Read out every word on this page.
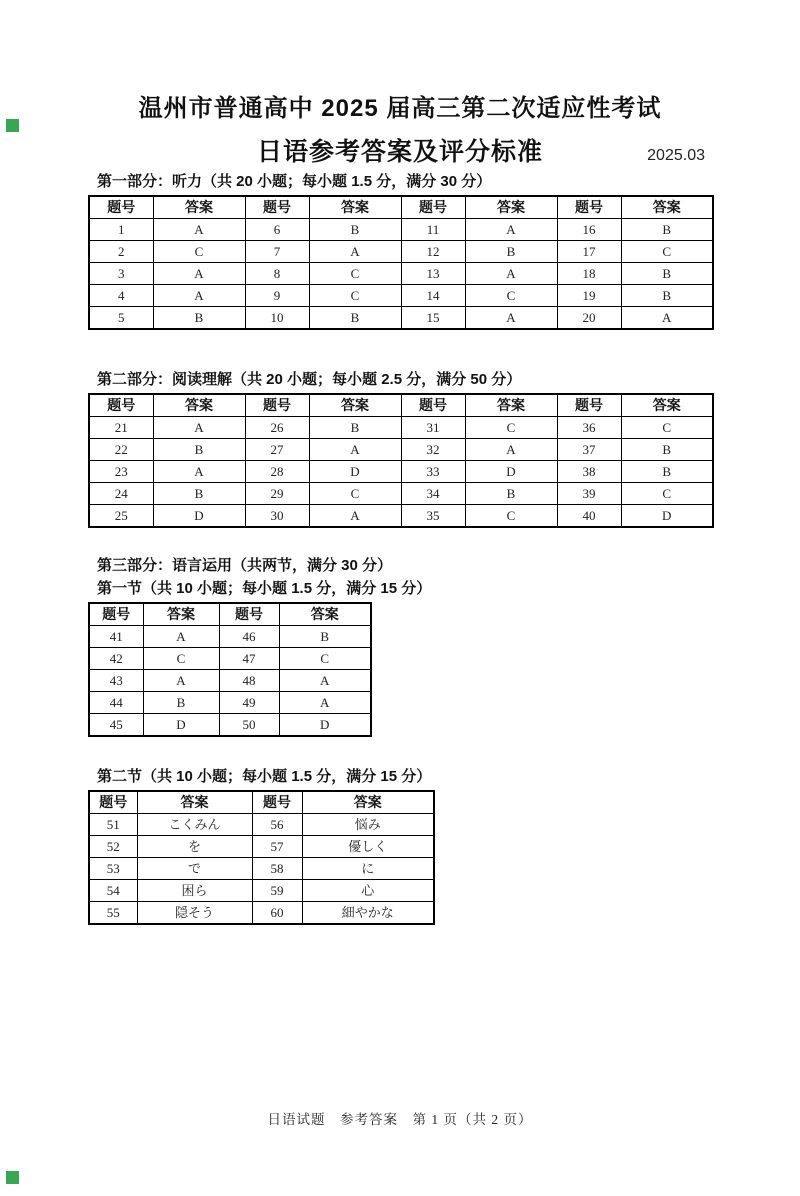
温州市普通高中 2025 届高三第二次适应性考试
日语参考答案及评分标准	2025.03
第一部分：听力（共 20 小题；每小题 1.5 分，满分 30 分）
题号	答案	题号	答案	题号	答案	题号	答案
1	A	6	B	11	A	16	B
2	C	7	A	12	B	17	C
3	A	8	C	13	A	18	B
4	A	9	C	14	C	19	B
5	B	10	B	15	A	20	A
第二部分：阅读理解（共 20 小题；每小题 2.5 分，满分 50 分）
题号	答案	题号	答案	题号	答案	题号	答案
21	A	26	B	31	C	36	C
22	B	27	A	32	A	37	B
23	A	28	D	33	D	38	B
24	B	29	C	34	B	39	C
25	D	30	A	35	C	40	D
第三部分：语言运用（共两节，满分 30 分）
第一节（共 10 小题；每小题 1.5 分，满分 15 分）
题号	答案	题号	答案
41	A	46	B
42	C	47	C
43	A	48	A
44	B	49	A
45	D	50	D
第二节（共 10 小题；每小题 1.5 分，满分 15 分）
题号	答案	题号	答案
51	こくみん	56	悩み
52	を	57	優しく
53	で	58	に
54	困ら	59	心
55	隠そう	60	細やかな
日语试题　参考答案　第 1 页（共 2 页）
